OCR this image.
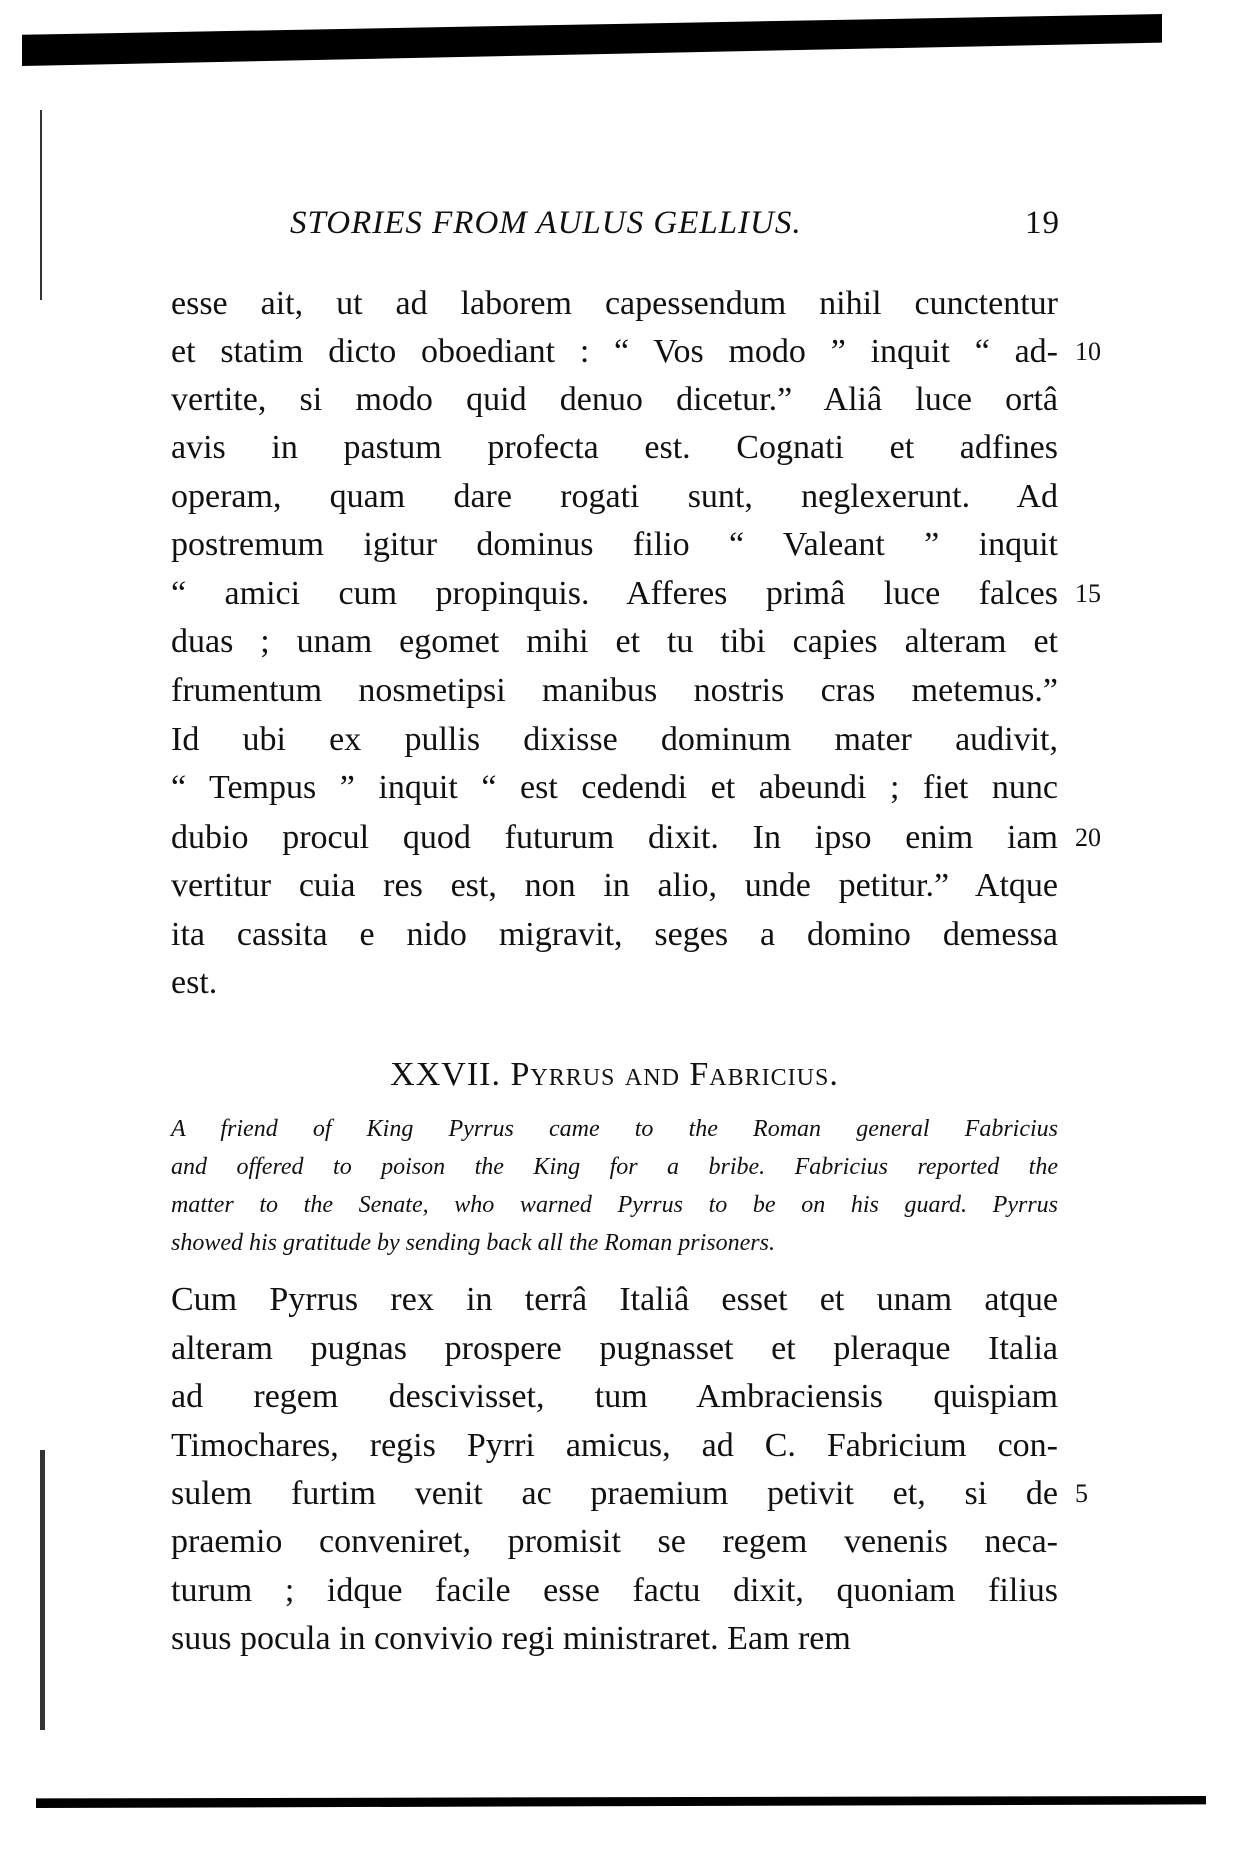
STORIES FROM AULUS GELLIUS.	19
esse ait, ut ad laborem capessendum nihil cunctentur
et statim dicto oboediant : “ Vos modo ” inquit “ ad-
vertite, si modo quid denuo dicetur.” Aliâ luce ortâ
avis in pastum profecta est. Cognati et adfines
operam, quam dare rogati sunt, neglexerunt. Ad
postremum igitur dominus filio “ Valeant ” inquit
“ amici cum propinquis. Afferes primâ luce falces
duas ; unam egomet mihi et tu tibi capies alteram et
frumentum nosmetipsi manibus nostris cras metemus.”
Id ubi ex pullis dixisse dominum mater audivit,
“ Tempus ” inquit “ est cedendi et abeundi ; fiet nunc
dubio procul quod futurum dixit. In ipso enim iam
vertitur cuia res est, non in alio, unde petitur.” Atque
ita cassita e nido migravit, seges a domino demessa
est.
10
15
20
XXVII. Pyrrus and Fabricius.
A friend of King Pyrrus came to the Roman general Fabricius
and offered to poison the King for a bribe. Fabricius reported the
matter to the Senate, who warned Pyrrus to be on his guard. Pyrrus
showed his gratitude by sending back all the Roman prisoners.
Cum Pyrrus rex in terrâ Italiâ esset et unam atque
alteram pugnas prospere pugnasset et pleraque Italia
ad regem descivisset, tum Ambraciensis quispiam
Timochares, regis Pyrri amicus, ad C. Fabricium con-
sulem furtim venit ac praemium petivit et, si de
praemio conveniret, promisit se regem venenis neca-
turum ; idque facile esse factu dixit, quoniam filius
suus pocula in convivio regi ministraret. Eam rem
5
